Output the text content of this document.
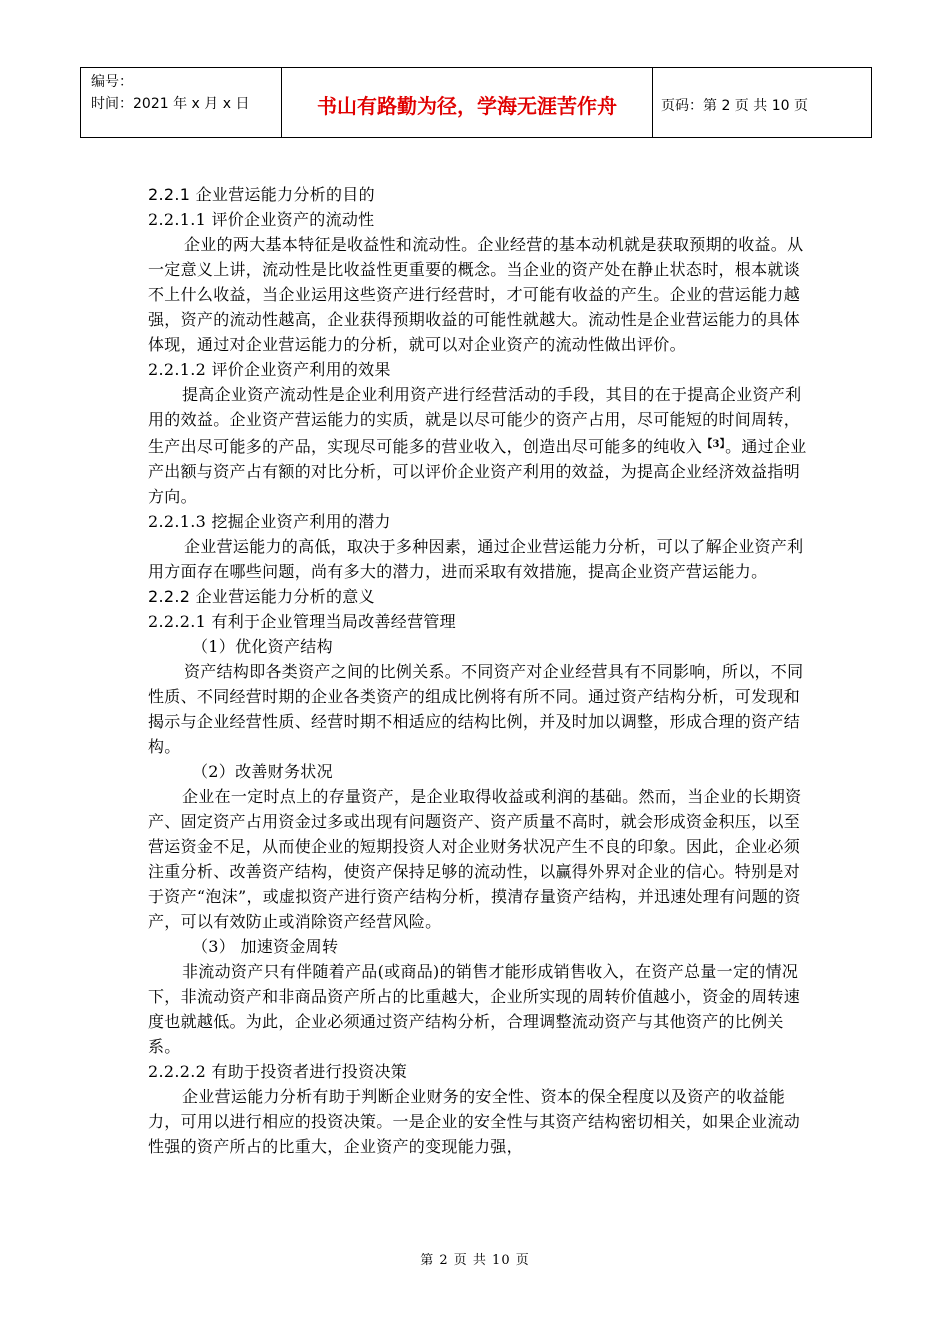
编号：
时间：2021 年 x 月 x 日	书山有路勤为径，学海无涯苦作舟	页码：第 2 页 共 10 页

2.2.1 企业营运能力分析的目的

2.2.1.1 评价企业资产的流动性

企业的两大基本特征是收益性和流动性。企业经营的基本动机就是获取预期的收益。从一定意义上讲，流动性是比收益性更重要的概念。当企业的资产处在静止状态时，根本就谈不上什么收益，当企业运用这些资产进行经营时，才可能有收益的产生。企业的营运能力越强，资产的流动性越高，企业获得预期收益的可能性就越大。流动性是企业营运能力的具体体现，通过对企业营运能力的分析，就可以对企业资产的流动性做出评价。

2.2.1.2 评价企业资产利用的效果

提高企业资产流动性是企业利用资产进行经营活动的手段，其目的在于提高企业资产利用的效益。企业资产营运能力的实质，就是以尽可能少的资产占用，尽可能短的时间周转，生产出尽可能多的产品，实现尽可能多的营业收入，创造出尽可能多的纯收入$^{【3】}$。通过企业产出额与资产占有额的对比分析，可以评价企业资产利用的效益，为提高企业经济效益指明方向。

2.2.1.3 挖掘企业资产利用的潜力

企业营运能力的高低，取决于多种因素，通过企业营运能力分析，可以了解企业资产利用方面存在哪些问题，尚有多大的潜力，进而采取有效措施，提高企业资产营运能力。

2.2.2 企业营运能力分析的意义

2.2.2.1 有利于企业管理当局改善经营管理

（1）优化资产结构

资产结构即各类资产之间的比例关系。不同资产对企业经营具有不同影响，所以，不同性质、不同经营时期的企业各类资产的组成比例将有所不同。通过资产结构分析，可发现和揭示与企业经营性质、经营时期不相适应的结构比例，并及时加以调整，形成合理的资产结构。

（2）改善财务状况

企业在一定时点上的存量资产，是企业取得收益或利润的基础。然而，当企业的长期资产、固定资产占用资金过多或出现有问题资产、资产质量不高时，就会形成资金积压，以至营运资金不足，从而使企业的短期投资人对企业财务状况产生不良的印象。因此，企业必须注重分析、改善资产结构，使资产保持足够的流动性，以赢得外界对企业的信心。特别是对于资产“泡沫”，或虚拟资产进行资产结构分析，摸清存量资产结构，并迅速处理有问题的资产，可以有效防止或消除资产经营风险。

（3） 加速资金周转

非流动资产只有伴随着产品(或商品)的销售才能形成销售收入，在资产总量一定的情况下，非流动资产和非商品资产所占的比重越大，企业所实现的周转价值越小，资金的周转速度也就越低。为此，企业必须通过资产结构分析，合理调整流动资产与其他资产的比例关系。

2.2.2.2 有助于投资者进行投资决策

企业营运能力分析有助于判断企业财务的安全性、资本的保全程度以及资产的收益能力，可用以进行相应的投资决策。一是企业的安全性与其资产结构密切相关，如果企业流动性强的资产所占的比重大，企业资产的变现能力强，

第 2 页 共 10 页
